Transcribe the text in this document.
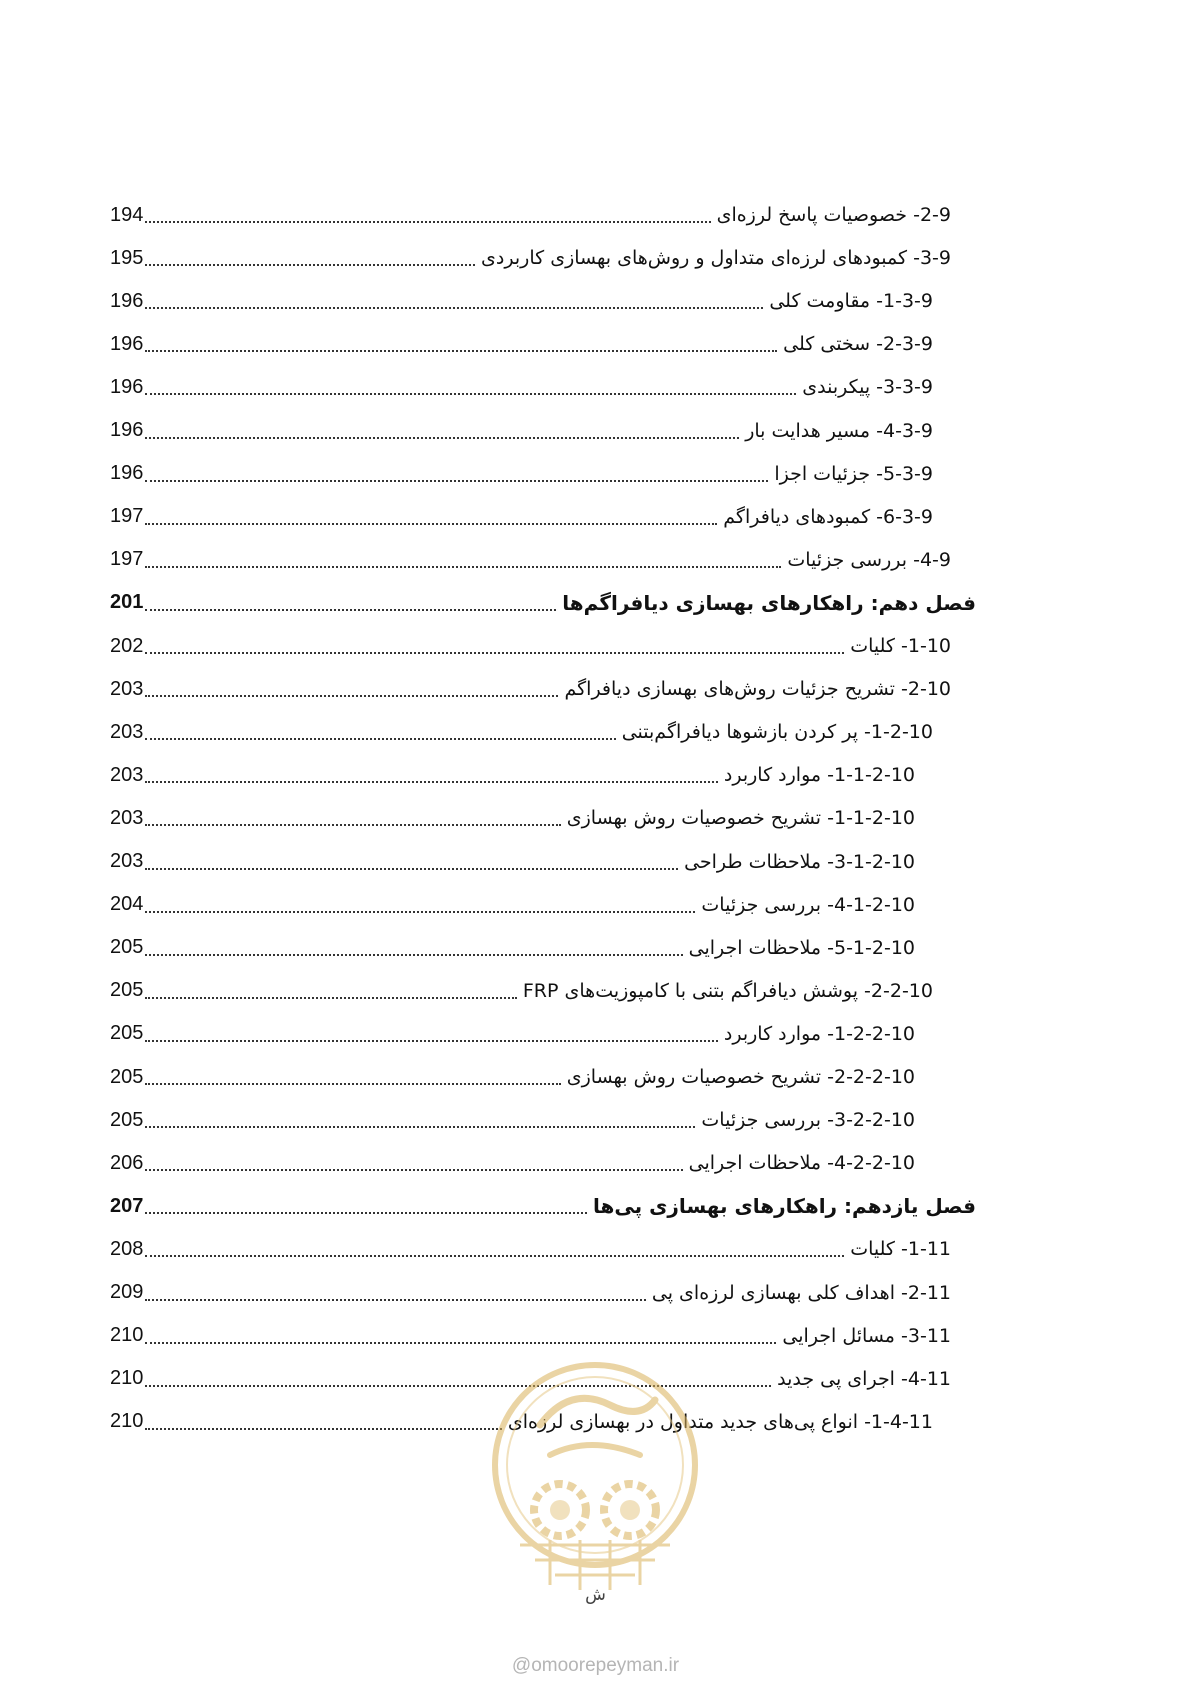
2-9- خصوصیات پاسخ لرزه‌ای
194
3-9- کمبودهای لرزه‌ای متداول و روش‌های بهسازی کاربردی
195
1-3-9- مقاومت کلی
196
2-3-9- سختی کلی
196
3-3-9- پیکربندی
196
4-3-9- مسیر هدایت بار
196
5-3-9- جزئیات اجزا
196
6-3-9- کمبودهای دیافراگم
197
4-9- بررسی جزئیات
197
فصل دهم: راهکارهای بهسازی دیافراگم‌ها
201
1-10- کلیات
202
2-10- تشریح جزئیات روش‌های بهسازی دیافراگم
203
1-2-10- پر کردن بازشوها دیافراگم‌بتنی
203
1-1-2-10- موارد کاربرد
203
1-1-2-10- تشریح خصوصیات روش بهسازی
203
3-1-2-10- ملاحظات طراحی
203
4-1-2-10- بررسی جزئیات
204
5-1-2-10- ملاحظات اجرایی
205
2-2-10- پوشش دیافراگم بتنی با کامپوزیت‌های FRP
205
1-2-2-10- موارد کاربرد
205
2-2-2-10- تشریح خصوصیات روش بهسازی
205
3-2-2-10- بررسی جزئیات
205
4-2-2-10- ملاحظات اجرایی
206
فصل یازدهم: راهکارهای بهسازی پی‌ها
207
1-11- کلیات
208
2-11- اهداف کلی بهسازی لرزه‌ای پی
209
3-11- مسائل اجرایی
210
4-11- اجرای پی جدید
210
1-4-11- انواع پی‌های جدید متداول در بهسازی لرزه‌ای
210
ش
@omoorepeyman.ir
